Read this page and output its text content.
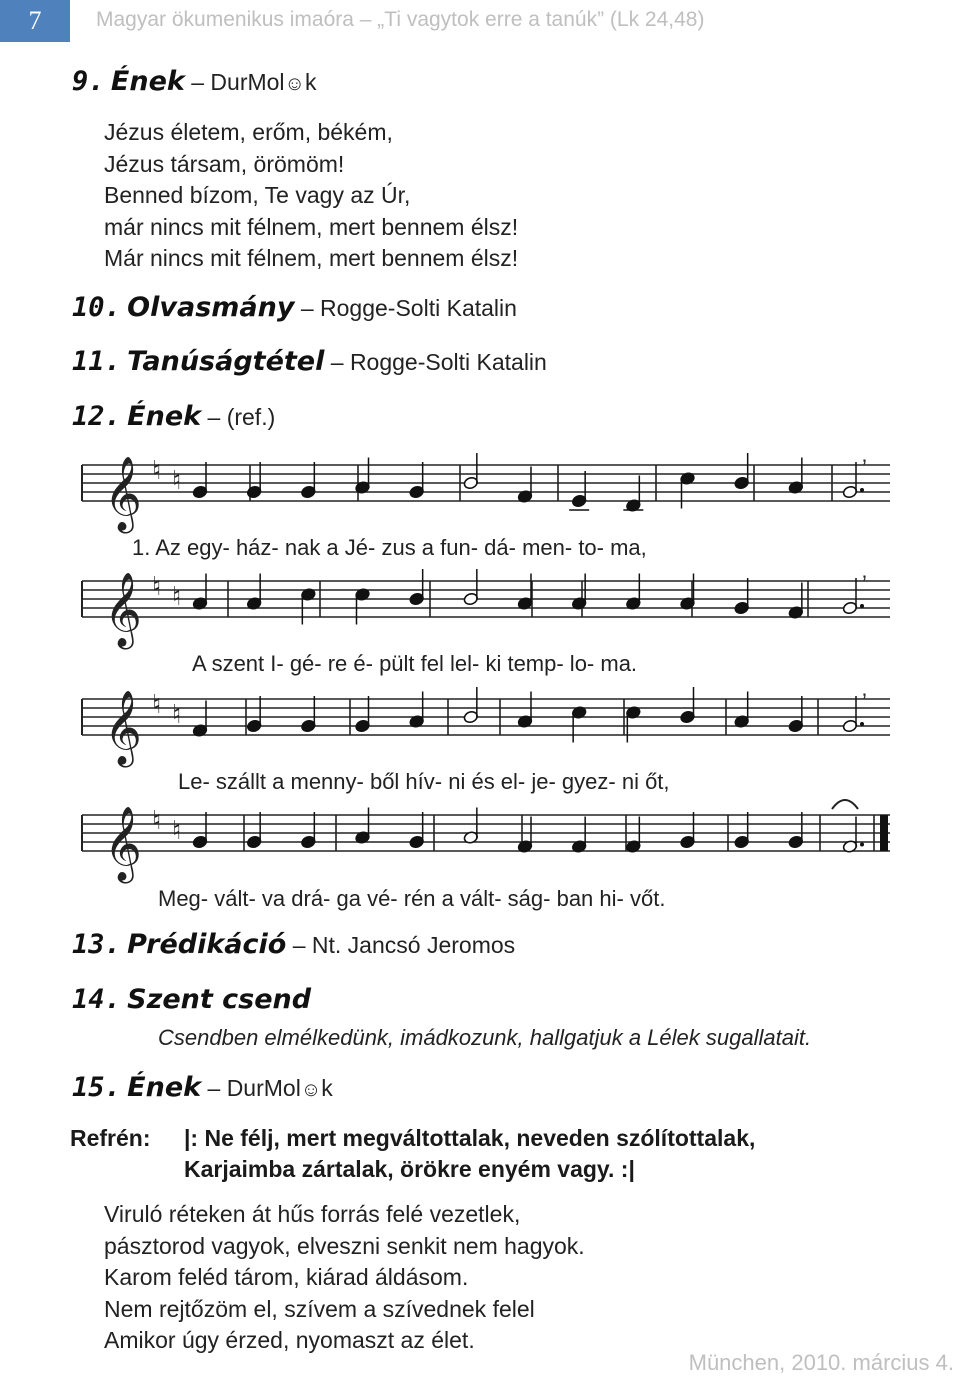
7	Magyar ökumenikus imaóra – „Ti vagytok erre a tanúk” (Lk 24,48)
9. Ének – DurMol☺k
Jézus életem, erőm, békém,
Jézus társam, örömöm!
Benned bízom, Te vagy az Úr,
már nincs mit félnem, mert bennem élsz!
Már nincs mit félnem, mert bennem élsz!
10. Olvasmány – Rogge-Solti Katalin
11. Tanúságtétel – Rogge-Solti Katalin
12. Ének – (ref.)
1. Az egy- ház- nak a Jé- zus a fun- dá- men- to- ma,
A szent I- gé- re é- pült fel lel- ki temp- lo- ma.
Le- szállt a menny- ből hív- ni és el- je- gyez- ni őt,
Meg- vált- va drá- ga vé- rén a vált- ság- ban hi- vőt.
𝄞 ♮ ♮	’
𝄞 ♮ ♮	’
𝄞 ♮ ♮	’
𝄞 ♮ ♮
13. Prédikáció – Nt. Jancsó Jeromos
14. Szent csend
Csendben elmélkedünk, imádkozunk, hallgatjuk a Lélek sugallatait.
15. Ének – DurMol☺k
Refrén: |: Ne félj, mert megváltottalak, neveden szólítottalak,
Karjaimba zártalak, örökre enyém vagy. :|
Viruló réteken át hűs forrás felé vezetlek,
pásztorod vagyok, elveszni senkit nem hagyok.
Karom feléd tárom, kiárad áldásom.
Nem rejtőzöm el, szívem a szívednek felel
Amikor úgy érzed, nyomaszt az élet.
München, 2010. március 4.
